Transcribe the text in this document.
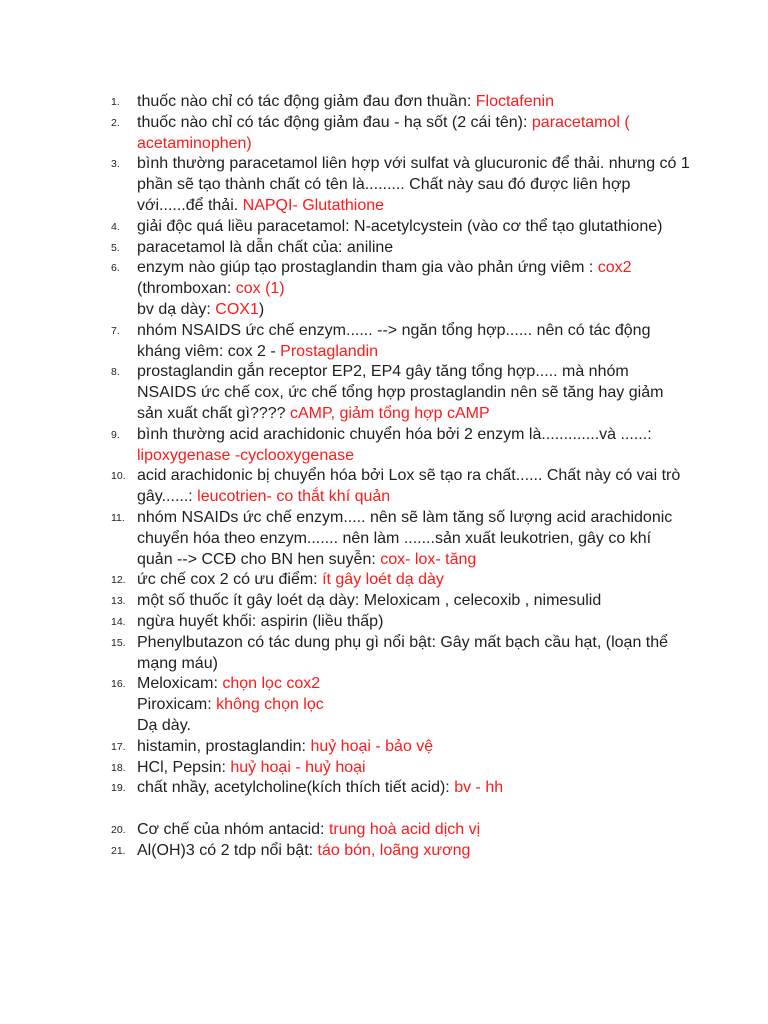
1. thuốc nào chỉ có tác động giảm đau đơn thuần: Floctafenin
2. thuốc nào chỉ có tác động giảm đau - hạ sốt (2 cái tên): paracetamol ( acetaminophen)
3. bình thường paracetamol liên hợp với sulfat và glucuronic để thải. nhưng có 1 phần sẽ tạo thành chất có tên là......... Chất này sau đó được liên hợp với......để thải. NAPQI- Glutathione
4. giải độc quá liều paracetamol: N-acetylcystein (vào cơ thể tạo glutathione)
5. paracetamol là dẫn chất của: aniline
6. enzym nào giúp tạo prostaglandin tham gia vào phản ứng viêm : cox2
(thromboxan: cox (1)
bv dạ dày: COX1)
7. nhóm NSAIDS ức chế enzym...... --> ngăn tổng hợp...... nên có tác động kháng viêm: cox 2 - Prostaglandin
8. prostaglandin gắn receptor EP2, EP4 gây tăng tổng hợp..... mà nhóm NSAIDS ức chế cox, ức chế tổng hợp prostaglandin nên sẽ tăng hay giảm sản xuất chất gì???? cAMP, giảm tổng hợp cAMP
9. bình thường acid arachidonic chuyển hóa bởi 2 enzym là.............và ......: lipoxygenase -cyclooxygenase
10. acid arachidonic bị chuyển hóa bởi Lox sẽ tạo ra chất...... Chất này có vai trò gây......: leucotrien- co thắt khí quản
11. nhóm NSAIDs ức chế enzym..... nên sẽ làm tăng số lượng acid arachidonic chuyển hóa theo enzym....... nên làm .......sản xuất leukotrien, gây co khí quản --> CCĐ cho BN hen suyễn: cox- lox- tăng
12. ức chế cox 2 có ưu điểm: ít gây loét dạ dày
13. một số thuốc ít gây loét dạ dày: Meloxicam , celecoxib , nimesulid
14. ngừa huyết khối: aspirin (liều thấp)
15. Phenylbutazon có tác dung phụ gì nổi bật: Gây mất bạch cầu hạt, (loạn thể mạng máu)
16. Meloxicam: chọn lọc cox2
Piroxicam: không chọn lọc
Dạ dày.
17. histamin, prostaglandin: huỷ hoại - bảo vệ
18. HCl, Pepsin: huỷ hoại - huỷ hoại
19. chất nhầy, acetylcholine(kích thích tiết acid): bv - hh
20. Cơ chế của nhóm antacid: trung hoà acid dịch vị
21. Al(OH)3 có 2 tdp nổi bật: táo bón, loãng xương
